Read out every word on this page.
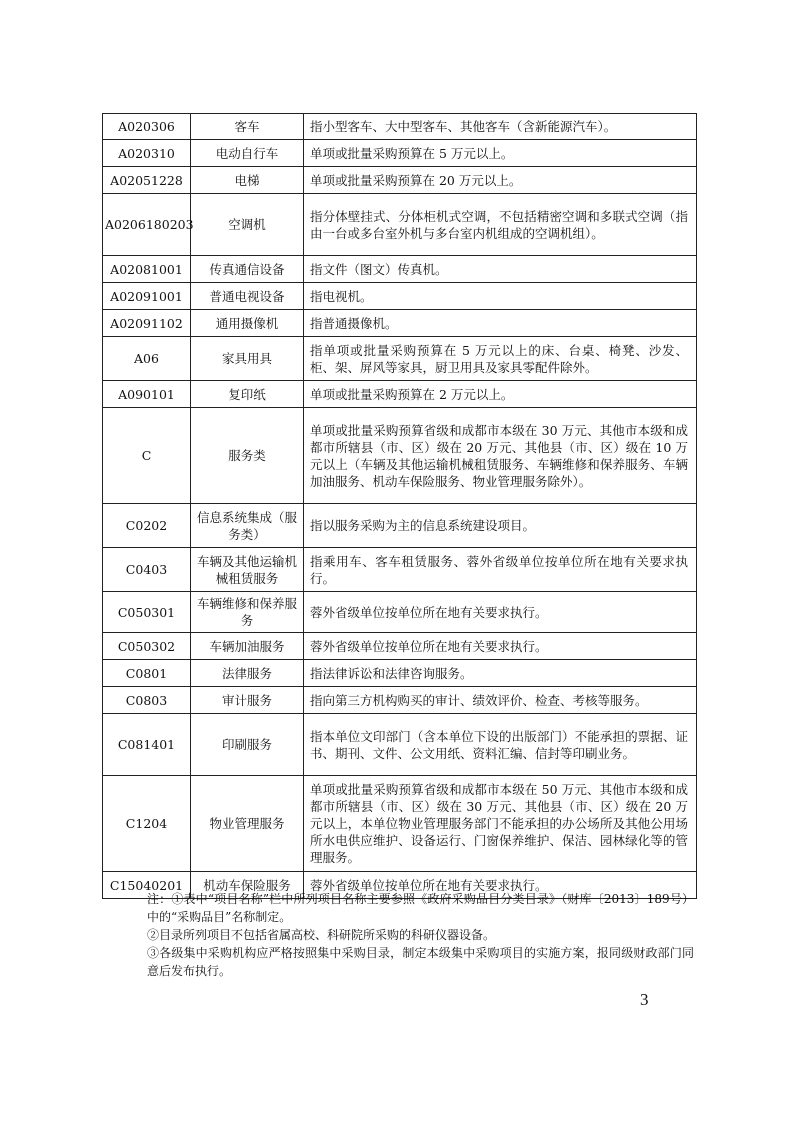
A020306	客车	指小型客车、大中型客车、其他客车（含新能源汽车）。
A020310	电动自行车	单项或批量采购预算在 5 万元以上。
A02051228	电梯	单项或批量采购预算在 20 万元以上。
A0206180203	空调机	指分体壁挂式、分体柜机式空调，不包括精密空调和多联式空调（指由一台或多台室外机与多台室内机组成的空调机组）。
A02081001	传真通信设备	指文件（图文）传真机。
A02091001	普通电视设备	指电视机。
A02091102	通用摄像机	指普通摄像机。
A06	家具用具	指单项或批量采购预算在 5 万元以上的床、台桌、椅凳、沙发、柜、架、屏风等家具，厨卫用具及家具零配件除外。
A090101	复印纸	单项或批量采购预算在 2 万元以上。
C	服务类	单项或批量采购预算省级和成都市本级在 30 万元、其他市本级和成都市所辖县（市、区）级在 20 万元、其他县（市、区）级在 10 万元以上（车辆及其他运输机械租赁服务、车辆维修和保养服务、车辆加油服务、机动车保险服务、物业管理服务除外）。
C0202	信息系统集成（服务类）	指以服务采购为主的信息系统建设项目。
C0403	车辆及其他运输机械租赁服务	指乘用车、客车租赁服务、蓉外省级单位按单位所在地有关要求执行。
C050301	车辆维修和保养服务	蓉外省级单位按单位所在地有关要求执行。
C050302	车辆加油服务	蓉外省级单位按单位所在地有关要求执行。
C0801	法律服务	指法律诉讼和法律咨询服务。
C0803	审计服务	指向第三方机构购买的审计、绩效评价、检查、考核等服务。
C081401	印刷服务	指本单位文印部门（含本单位下设的出版部门）不能承担的票据、证书、期刊、文件、公文用纸、资料汇编、信封等印刷业务。
C1204	物业管理服务	单项或批量采购预算省级和成都市本级在 50 万元、其他市本级和成都市所辖县（市、区）级在 30 万元、其他县（市、区）级在 20 万元以上，本单位物业管理服务部门不能承担的办公场所及其他公用场所水电供应维护、设备运行、门窗保养维护、保洁、园林绿化等的管理服务。
C15040201	机动车保险服务	蓉外省级单位按单位所在地有关要求执行。

注：①表中“项目名称”栏中所列项目名称主要参照《政府采购品目分类目录》（财库〔2013〕189号）中的“采购品目”名称制定。

②目录所列项目不包括省属高校、科研院所采购的科研仪器设备。

③各级集中采购机构应严格按照集中采购目录，制定本级集中采购项目的实施方案，报同级财政部门同意后发布执行。

3
